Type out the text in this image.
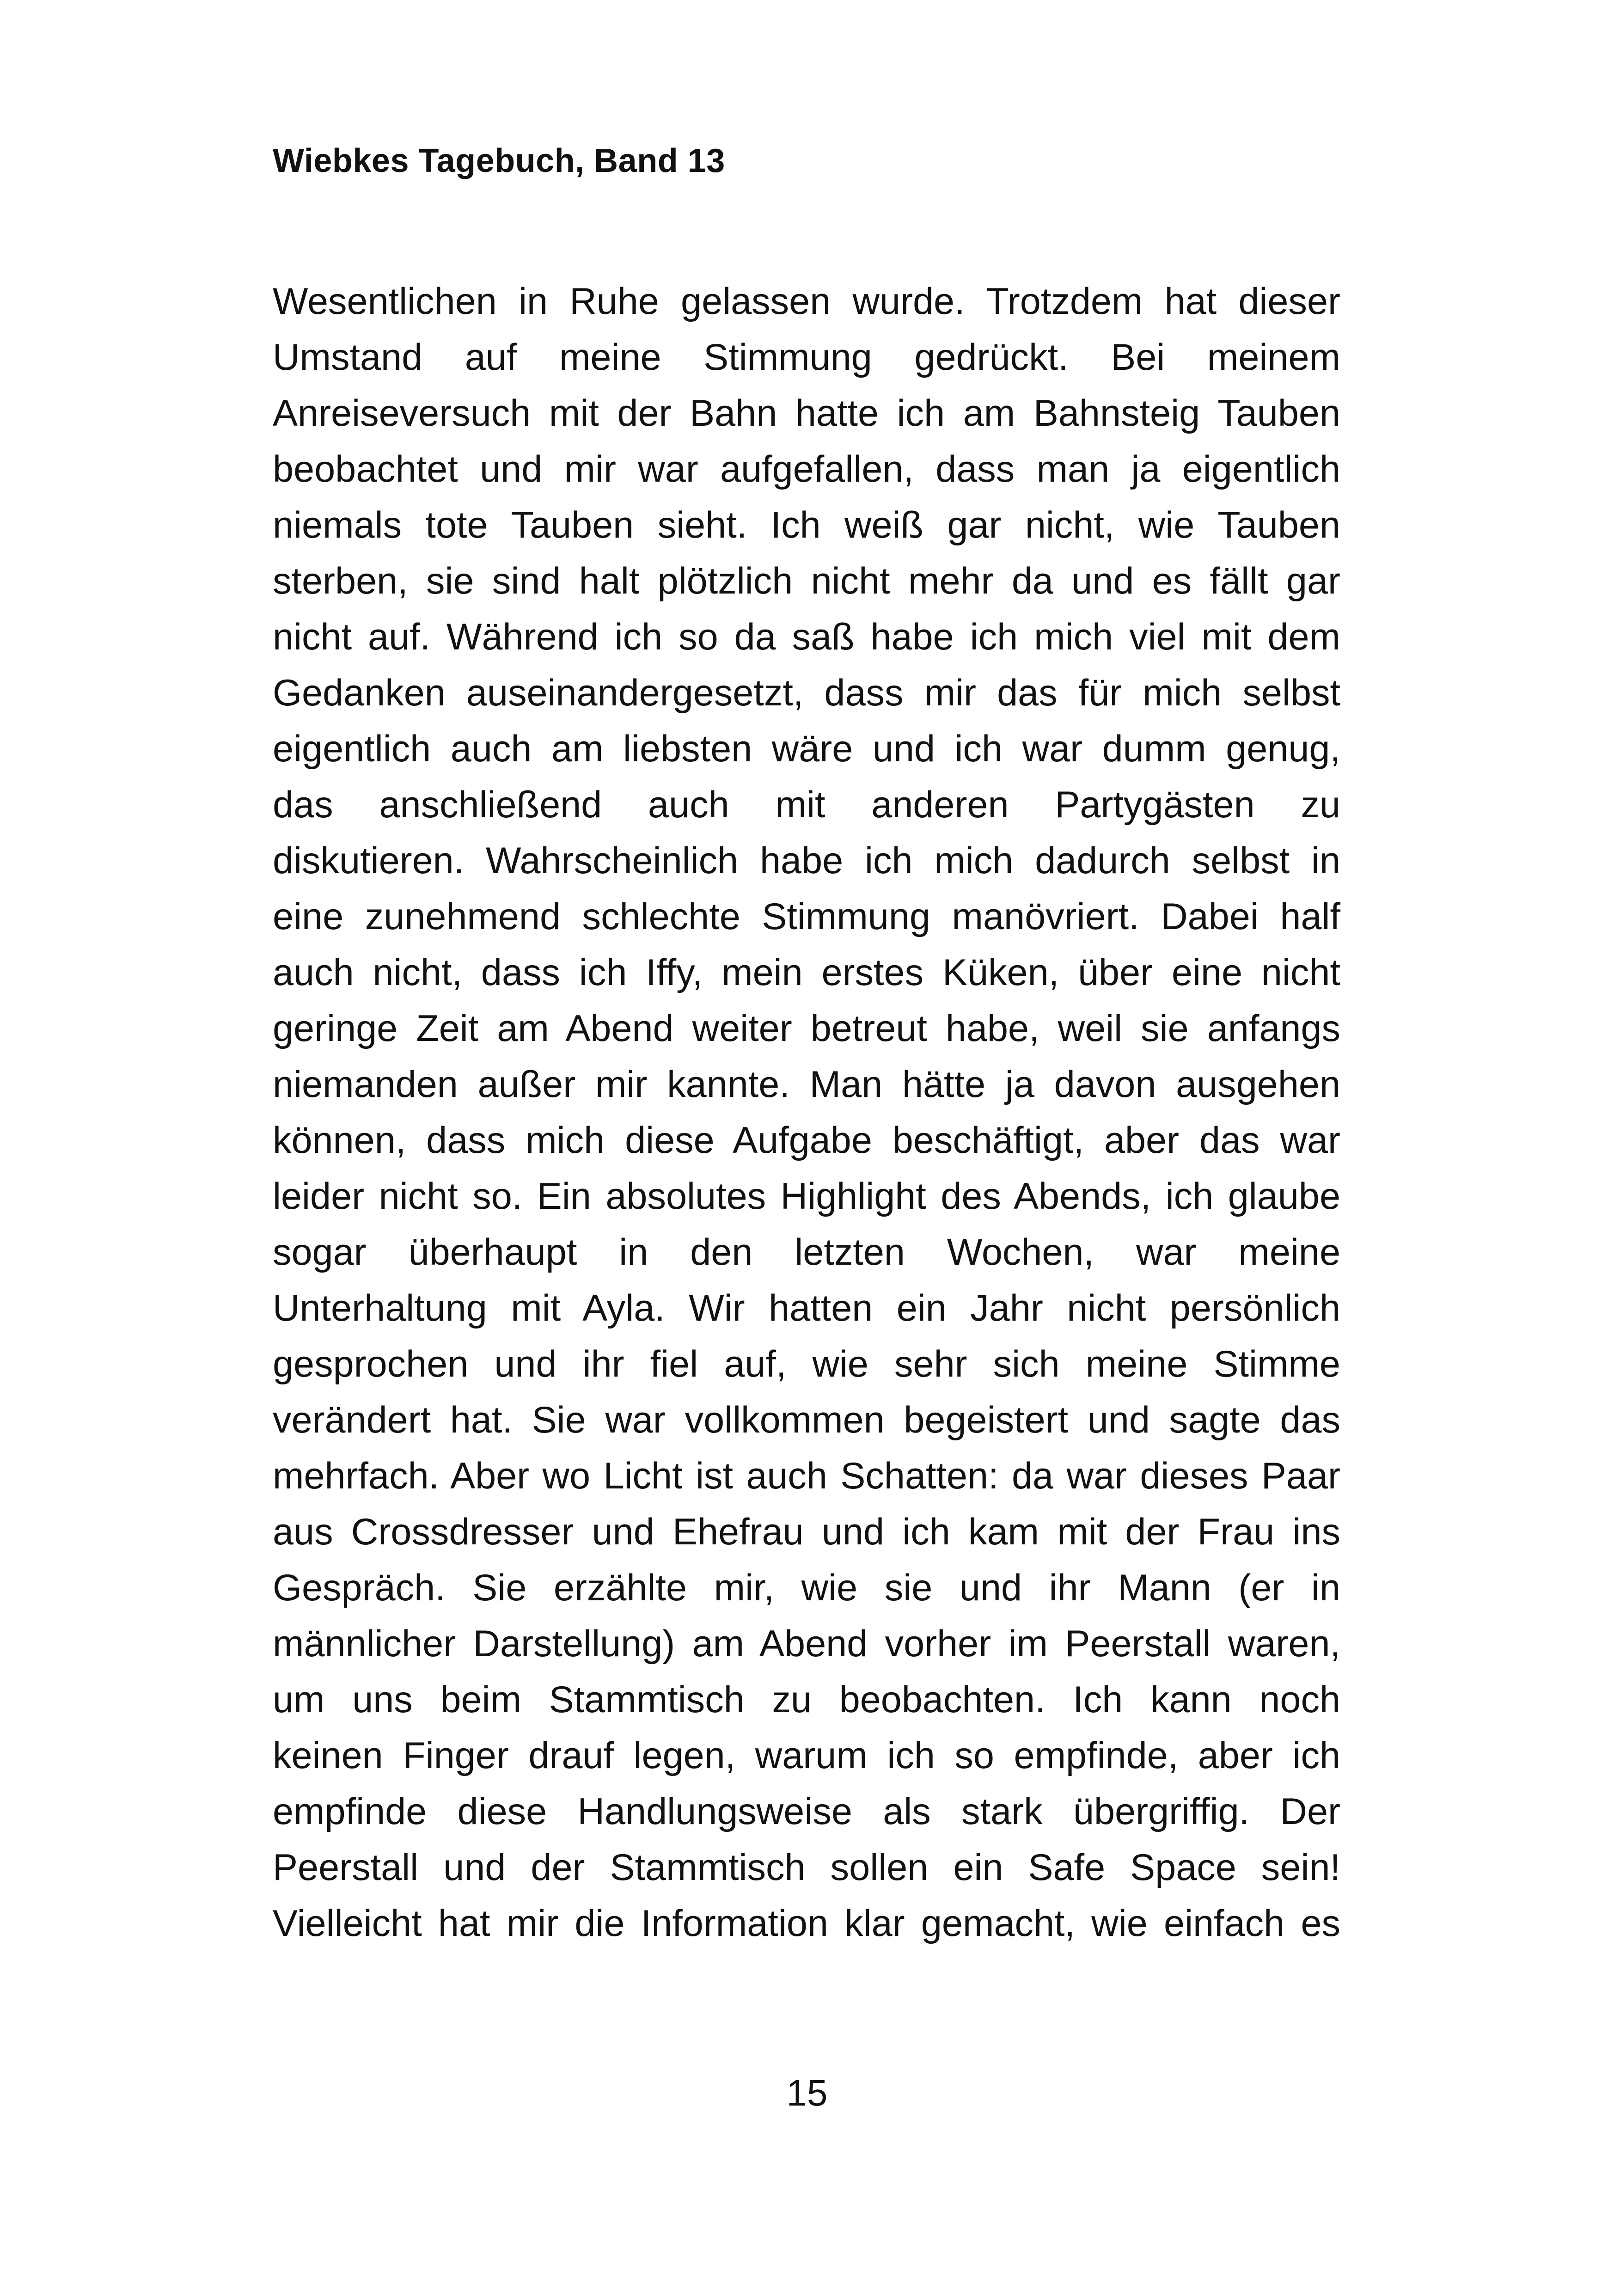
Wiebkes Tagebuch, Band 13
Wesentlichen in Ruhe gelassen wurde. Trotzdem hat dieser
Umstand auf meine Stimmung gedrückt. Bei meinem
Anreiseversuch mit der Bahn hatte ich am Bahnsteig Tauben
beobachtet und mir war aufgefallen, dass man ja eigentlich
niemals tote Tauben sieht. Ich weiß gar nicht, wie Tauben
sterben, sie sind halt plötzlich nicht mehr da und es fällt gar
nicht auf. Während ich so da saß habe ich mich viel mit dem
Gedanken auseinandergesetzt, dass mir das für mich selbst
eigentlich auch am liebsten wäre und ich war dumm genug,
das anschließend auch mit anderen Partygästen zu
diskutieren. Wahrscheinlich habe ich mich dadurch selbst in
eine zunehmend schlechte Stimmung manövriert. Dabei half
auch nicht, dass ich Iffy, mein erstes Küken, über eine nicht
geringe Zeit am Abend weiter betreut habe, weil sie anfangs
niemanden außer mir kannte. Man hätte ja davon ausgehen
können, dass mich diese Aufgabe beschäftigt, aber das war
leider nicht so. Ein absolutes Highlight des Abends, ich glaube
sogar überhaupt in den letzten Wochen, war meine
Unterhaltung mit Ayla. Wir hatten ein Jahr nicht persönlich
gesprochen und ihr fiel auf, wie sehr sich meine Stimme
verändert hat. Sie war vollkommen begeistert und sagte das
mehrfach. Aber wo Licht ist auch Schatten: da war dieses Paar
aus Crossdresser und Ehefrau und ich kam mit der Frau ins
Gespräch. Sie erzählte mir, wie sie und ihr Mann (er in
männlicher Darstellung) am Abend vorher im Peerstall waren,
um uns beim Stammtisch zu beobachten. Ich kann noch
keinen Finger drauf legen, warum ich so empfinde, aber ich
empfinde diese Handlungsweise als stark übergriffig. Der
Peerstall und der Stammtisch sollen ein Safe Space sein!
Vielleicht hat mir die Information klar gemacht, wie einfach es
15
